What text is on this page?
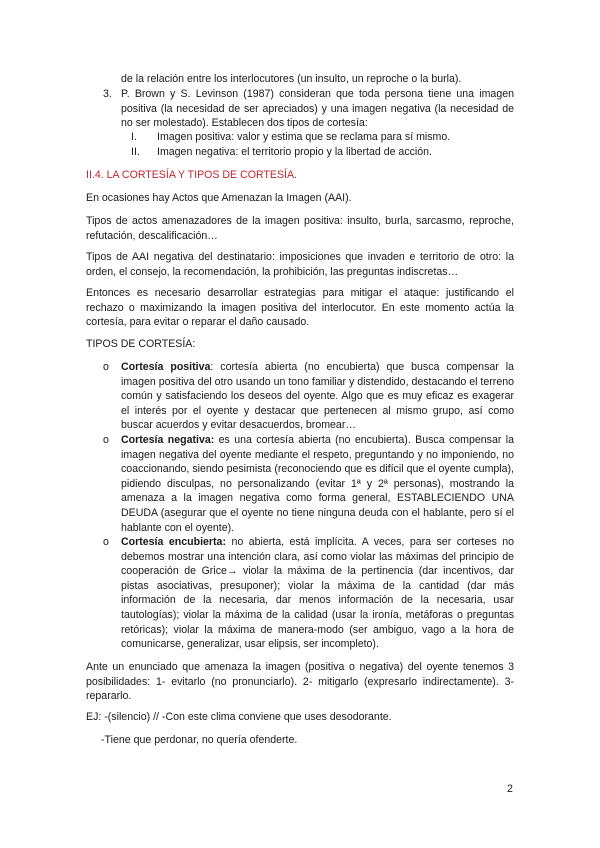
de la relación entre los interlocutores (un insulto, un reproche o la burla).
3. P. Brown y S. Levinson (1987) consideran que toda persona tiene una imagen positiva (la necesidad de ser apreciados) y una imagen negativa (la necesidad de no ser molestado). Establecen dos tipos de cortesía:
I. Imagen positiva: valor y estima que se reclama para sí mismo.
II. Imagen negativa: el territorio propio y la libertad de acción.
II.4. LA CORTESÍA Y TIPOS DE CORTESÍA.
En ocasiones hay Actos que Amenazan la Imagen (AAI).
Tipos de actos amenazadores de la imagen positiva: insulto, burla, sarcasmo, reproche, refutación, descalificación…
Tipos de AAI negativa del destinatario: imposiciones que invaden e territorio de otro: la orden, el consejo, la recomendación, la prohibición, las preguntas indiscretas…
Entonces es necesario desarrollar estrategias para mitigar el ataque: justificando el rechazo o maximizando la imagen positiva del interlocutor. En este momento actúa la cortesía, para evitar o reparar el daño causado.
TIPOS DE CORTESÍA:
o Cortesía positiva: cortesía abierta (no encubierta) que busca compensar la imagen positiva del otro usando un tono familiar y distendido, destacando el terreno común y satisfaciendo los deseos del oyente. Algo que es muy eficaz es exagerar el interés por el oyente y destacar que pertenecen al mismo grupo, así como buscar acuerdos y evitar desacuerdos, bromear…
o Cortesía negativa: es una cortesía abierta (no encubierta). Busca compensar la imagen negativa del oyente mediante el respeto, preguntando y no imponiendo, no coaccionando, siendo pesimista (reconociendo que es difícil que el oyente cumpla), pidiendo disculpas, no personalizando (evitar 1ª y 2ª personas), mostrando la amenaza a la imagen negativa como forma general, ESTABLECIENDO UNA DEUDA (asegurar que el oyente no tiene ninguna deuda con el hablante, pero sí el hablante con el oyente).
o Cortesía encubierta: no abierta, está implícita. A veces, para ser corteses no debemos mostrar una intención clara, así como violar las máximas del principio de cooperación de Grice→ violar la máxima de la pertinencia (dar incentivos, dar pistas asociativas, presuponer); violar la máxima de la cantidad (dar más información de la necesaria, dar menos información de la necesaria, usar tautologías); violar la máxima de la calidad (usar la ironía, metáforas o preguntas retóricas); violar la máxima de manera-modo (ser ambiguo, vago a la hora de comunicarse, generalizar, usar elipsis, ser incompleto).
Ante un enunciado que amenaza la imagen (positiva o negativa) del oyente tenemos 3 posibilidades: 1- evitarlo (no pronunciarlo). 2- mitigarlo (expresarlo indirectamente). 3- repararlo.
EJ: -(silencio) // -Con este clima conviene que uses desodorante.
-Tiene que perdonar, no quería ofenderte.
2
